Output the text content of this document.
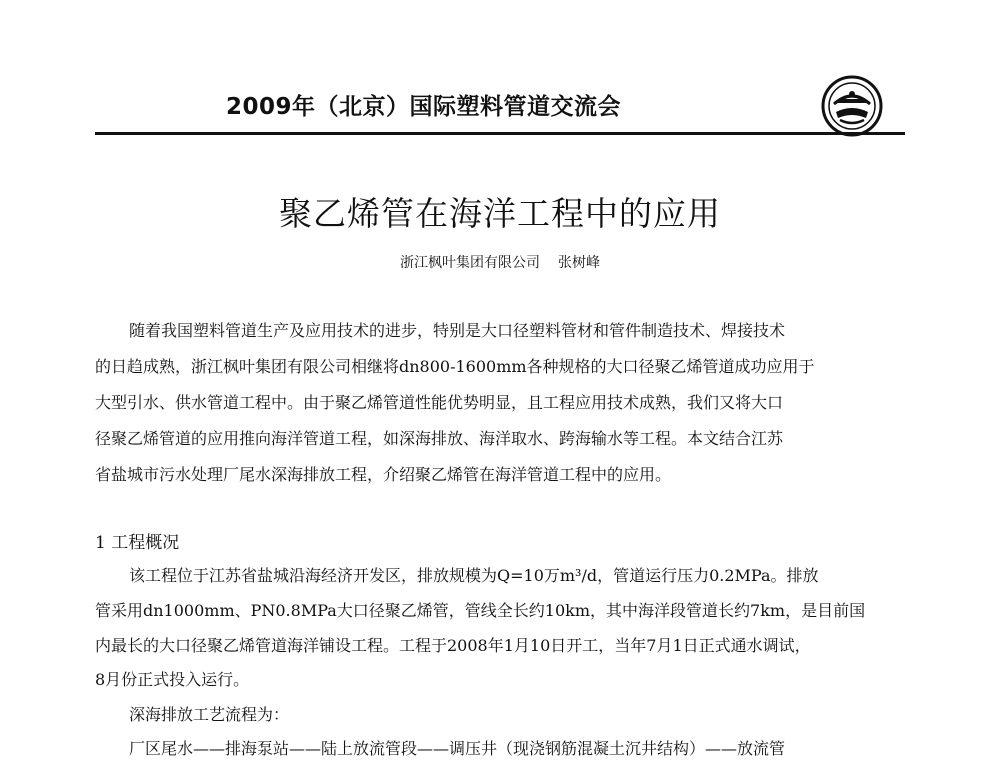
2009年（北京）国际塑料管道交流会
聚乙烯管在海洋工程中的应用
浙江枫叶集团有限公司 张树峰
随着我国塑料管道生产及应用技术的进步，特别是大口径塑料管材和管件制造技术、焊接技术
的日趋成熟，浙江枫叶集团有限公司相继将dn800-1600mm各种规格的大口径聚乙烯管道成功应用于
大型引水、供水管道工程中。由于聚乙烯管道性能优势明显，且工程应用技术成熟，我们又将大口
径聚乙烯管道的应用推向海洋管道工程，如深海排放、海洋取水、跨海输水等工程。本文结合江苏
省盐城市污水处理厂尾水深海排放工程，介绍聚乙烯管在海洋管道工程中的应用。
1 工程概况
该工程位于江苏省盐城沿海经济开发区，排放规模为Q=10万m³/d，管道运行压力0.2MPa。排放
管采用dn1000mm、PN0.8MPa大口径聚乙烯管，管线全长约10km，其中海洋段管道长约7km，是目前国
内最长的大口径聚乙烯管道海洋铺设工程。工程于2008年1月10日开工，当年7月1日正式通水调试，
8月份正式投入运行。
深海排放工艺流程为：
厂区尾水——排海泵站——陆上放流管段——调压井（现浇钢筋混凝土沉井结构）——放流管
